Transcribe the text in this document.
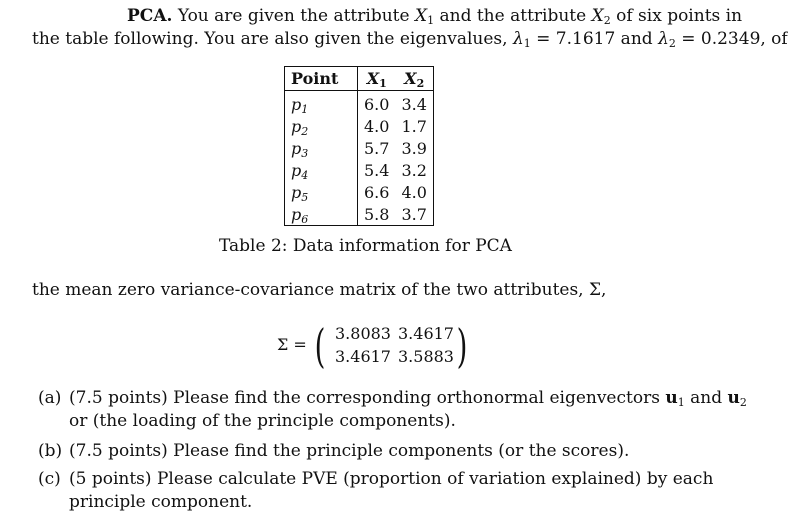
PCA. You are given the attribute $X_1$ and the attribute $X_2$ of six points in
the table following. You are also given the eigenvalues, $\lambda_1 = 7.1617$ and $\lambda_2 = 0.2349$, of
Point	$X_1$	$X_2$
$p_1$	6.0	3.4
$p_2$	4.0	1.7
$p_3$	5.7	3.9
$p_4$	5.4	3.2
$p_5$	6.6	4.0
$p_6$	5.8	3.7
Table 2: Data information for PCA
the mean zero variance-covariance matrix of the two attributes, Σ,
Σ = ( 3.8083 3.4617
3.4617 3.5883 )
(a) (7.5 points) Please find the corresponding orthonormal eigenvectors $u_1$ and $u_2$ or (the loading of the principle components).
(b) (7.5 points) Please find the principle components (or the scores).
(c) (5 points) Please calculate PVE (proportion of variation explained) by each principle component.
